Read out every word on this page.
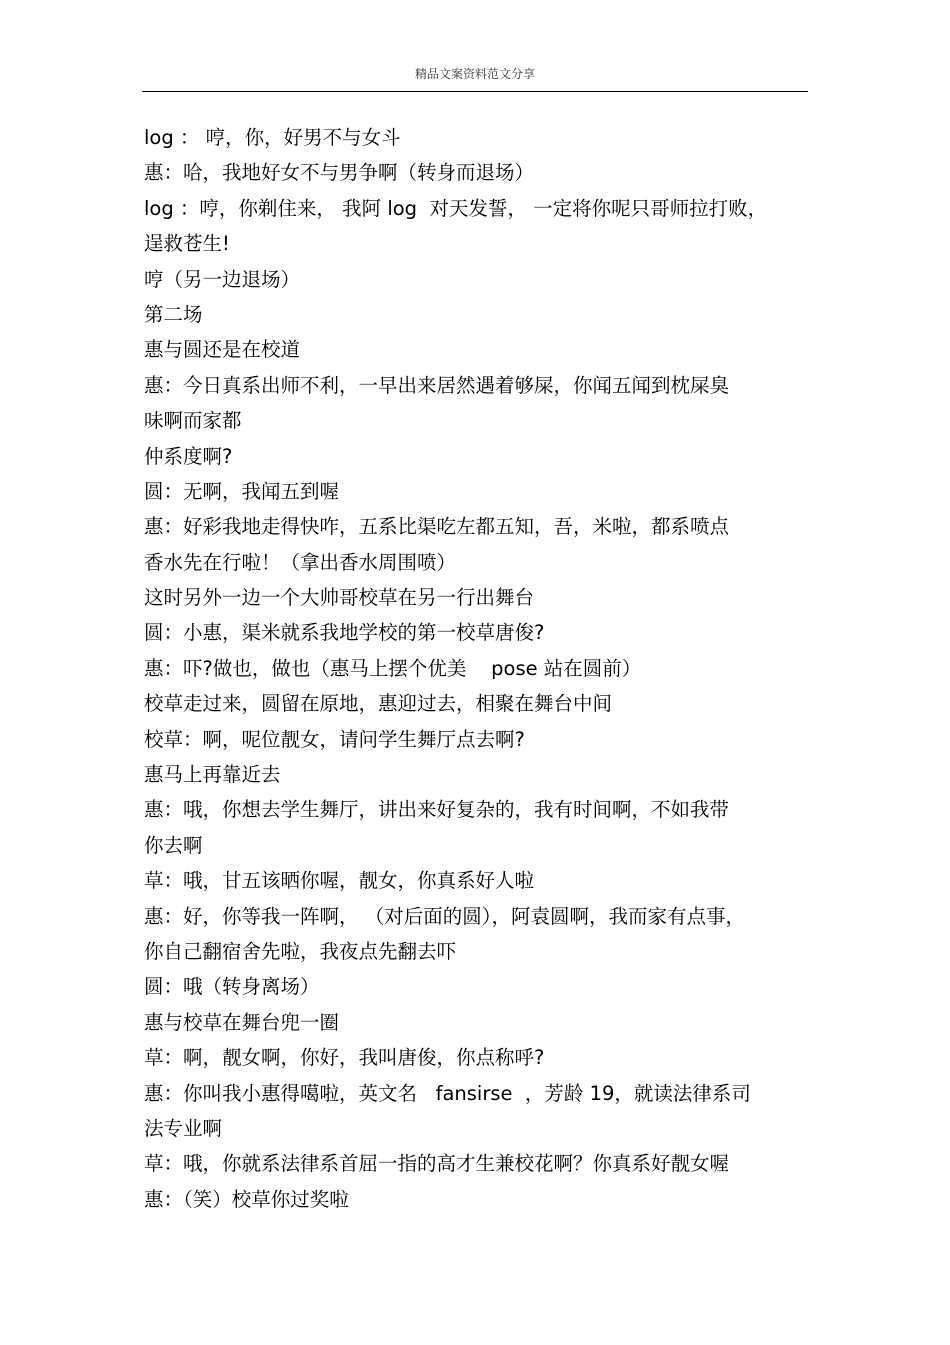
精品文案资料范文分享
log ： 哼，你，好男不与女斗
惠：哈，我地好女不与男争啊（转身而退场）
log ：哼，你剃住来， 我阿 log  对天发誓， 一定将你呢只哥师拉打败，
逞救苍生!
哼（另一边退场）
第二场
惠与圆还是在校道
惠：今日真系出师不利，一早出来居然遇着够屎，你闻五闻到枕屎臭
味啊而家都
仲系度啊?
圆：无啊，我闻五到喔
惠：好彩我地走得快咋，五系比渠吃左都五知，吾，米啦，都系喷点
香水先在行啦！（拿出香水周围喷）
这时另外一边一个大帅哥校草在另一行出舞台
圆：小惠，渠米就系我地学校的第一校草唐俊?
惠：吓?做也，做也（惠马上摆个优美    pose 站在圆前）
校草走过来，圆留在原地，惠迎过去，相聚在舞台中间
校草：啊，呢位靓女，请问学生舞厅点去啊?
惠马上再靠近去
惠：哦，你想去学生舞厅，讲出来好复杂的，我有时间啊，不如我带
你去啊
草：哦，甘五该晒你喔，靓女，你真系好人啦
惠：好，你等我一阵啊， （对后面的圆），阿袁圆啊，我而家有点事，
你自己翻宿舍先啦，我夜点先翻去吓
圆：哦（转身离场）
惠与校草在舞台兜一圈
草：啊，靓女啊，你好，我叫唐俊，你点称呼?
惠：你叫我小惠得噶啦，英文名   fansirse  ，芳龄 19，就读法律系司
法专业啊
草：哦，你就系法律系首屈一指的高才生兼校花啊？你真系好靓女喔
惠：（笑）校草你过奖啦
